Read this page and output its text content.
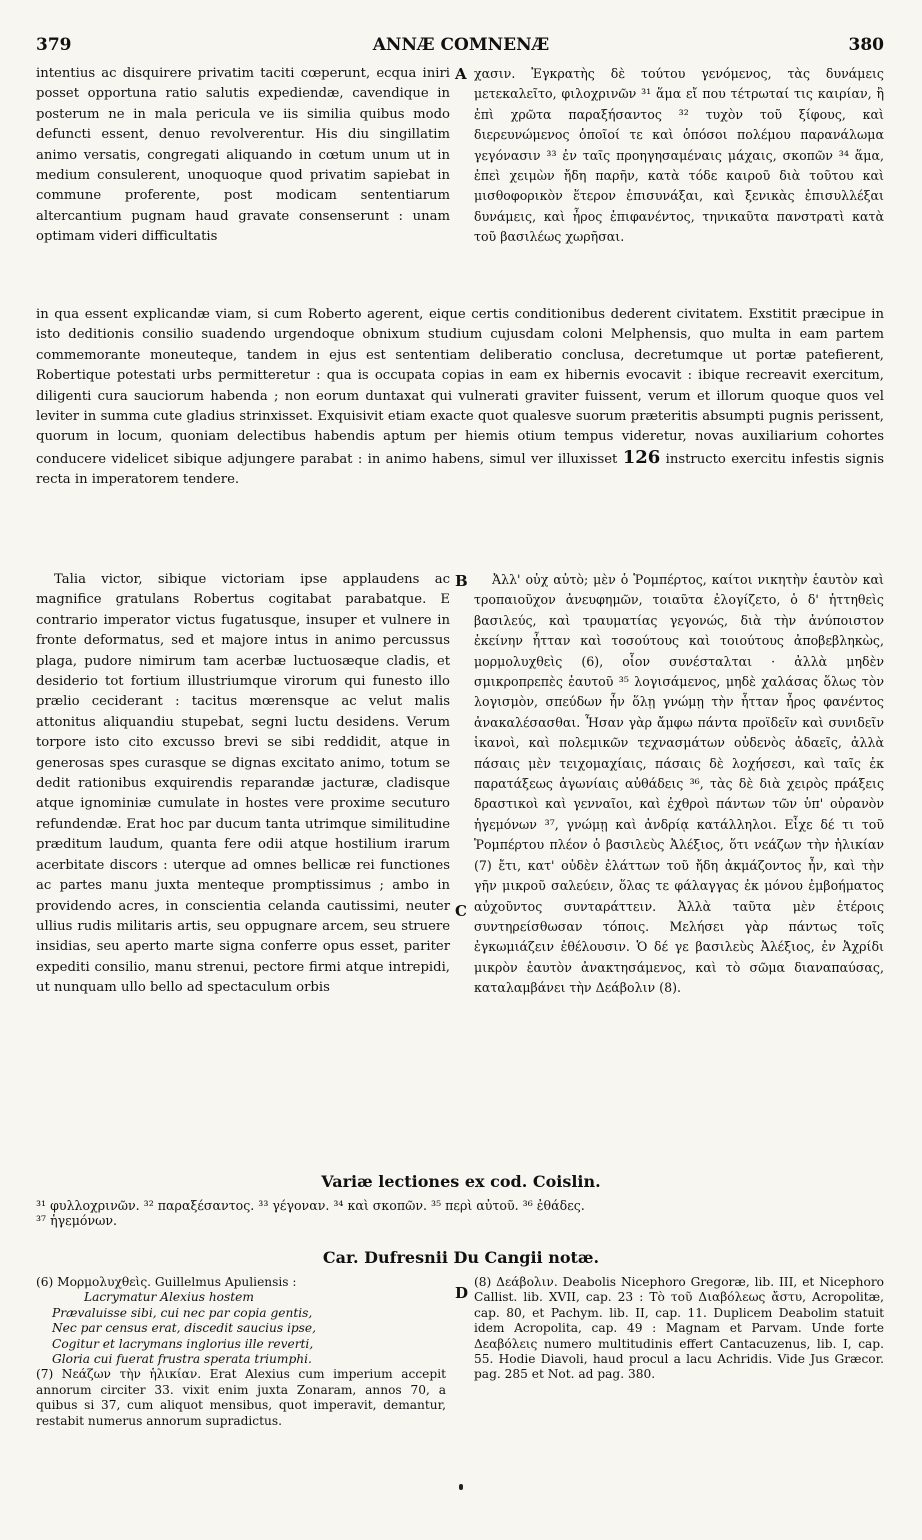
379	ANNÆ COMNENÆ	380

intentius ac disquirere privatim taciti cœperunt, ecqua iniri posset opportuna ratio salutis expediendæ, cavendique in posterum ne in mala pericula ve iis similia quibus modo defuncti essent, denuo revolverentur. His diu singillatim animo versatis, congregati aliquando in cœtum unum ut in medium consulerent, unoquoque quod privatim sapiebat in commune proferente, post modicam sententiarum altercantium pugnam haud gravate consenserunt : unam optimam videri difficultatis

A χασιν. Ἐγκρατὴς δὲ τούτου γενόμενος, τὰς δυνάμεις μετεκαλεῖτο, φιλοχρινῶν ³¹ ἅμα εἴ που τέτρωταί τις καιρίαν, ἢ ἐπὶ χρῶτα παραξήσαντος ³² τυχὸν τοῦ ξίφους, καὶ διερευνώμενος ὁποῖοί τε καὶ ὁπόσοι πολέμου παρανάλωμα γεγόνασιν ³³ ἐν ταῖς προηγησαμέναις μάχαις, σκοπῶν ³⁴ ἅμα, ἐπεὶ χειμὼν ἤδη παρῆν, κατὰ τόδε καιροῦ διὰ τοῦτου καὶ μισθοφορικὸν ἕτερον ἐπισυνάξαι, καὶ ξενικὰς ἐπισυλλέξαι δυνάμεις, καὶ ἦρος ἐπιφανέντος, τηνικαῦτα πανστρατὶ κατὰ τοῦ βασιλέως χωρῆσαι.

in qua essent explicandæ viam, si cum Roberto agerent, eique certis conditionibus dederent civitatem. Exstitit præcipue in isto deditionis consilio suadendo urgendoque obnixum studium cujusdam coloni Melphensis, quo multa in eam partem commemorante moneuteque, tandem in ejus est sententiam deliberatio conclusa, decretumque ut portæ patefierent, Robertique potestati urbs permitteretur : qua is occupata copias in eam ex hibernis evocavit : ibique recreavit exercitum, diligenti cura sauciorum habenda ; non eorum duntaxat qui vulnerati graviter fuissent, verum et illorum quoque quos vel leviter in summa cute gladius strinxisset. Exquisivit etiam exacte quot qualesve suorum præteritis absumpti pugnis perissent, quorum in locum, quoniam delectibus habendis aptum per hiemis otium tempus videretur, novas auxiliarium cohortes conducere videlicet sibique adjungere parabat : in animo habens, simul ver illuxisset 126 instructo exercitu infestis signis recta in imperatorem tendere.

Talia victor, sibique victoriam ipse applaudens ac magnifice gratulans Robertus cogitabat parabatque. E contrario imperator victus fugatusque, insuper et vulnere in fronte deformatus, sed et majore intus in animo percussus plaga, pudore nimirum tam acerbæ luctuosæque cladis, et desiderio tot fortium illustriumque virorum qui funesto illo prælio ceciderant : tacitus mœrensque ac velut malis attonitus aliquandiu stupebat, segni luctu desidens. Verum torpore isto cito excusso brevi se sibi reddidit, atque in generosas spes curasque se dignas excitato animo, totum se dedit rationibus exquirendis reparandæ jacturæ, cladisque atque ignominiæ cumulate in hostes vere proxime secuturo refundendæ. Erat hoc par ducum tanta utrimque similitudine præditum laudum, quanta fere odii atque hostilium irarum acerbitate discors : uterque ad omnes bellicæ rei functiones ac partes manu juxta menteque promptissimus ; ambo in providendo acres, in conscientia celanda cautissimi, neuter ullius rudis militaris artis, seu oppugnare arcem, seu struere insidias, seu aperto marte signa conferre opus esset, pariter expediti consilio, manu strenui, pectore firmi atque intrepidi, ut nunquam ullo bello ad spectaculum orbis

B
C

Ἀλλ' οὐχ αὐτὸ; μὲν ὁ Ῥομπέρτος, καίτοι νικητὴν ἑαυτὸν καὶ τροπαιοῦχον ἀνευφημῶν, τοιαῦτα ἐλογίζετο, ὁ δ' ἡττηθεὶς βασιλεύς, καὶ τραυματίας γεγονώς, διὰ τὴν ἀνύποιστον ἐκείνην ἧτταν καὶ τοσούτους καὶ τοιούτους ἀποβεβληκὼς, μορμολυχθεὶς (6), οἷον συνέσταλται · ἀλλὰ μηδὲν σμικροπρεπὲς ἑαυτοῦ ³⁵ λογισάμενος, μηδὲ χαλάσας ὅλως τὸν λογισμὸν, σπεύδων ἦν ὅλῃ γνώμῃ τὴν ἧτταν ἦρος φανέντος ἀνακαλέσασθαι. Ἦσαν γὰρ ἄμφω πάντα προϊδεῖν καὶ συνιδεῖν ἱκανοὶ, καὶ πολεμικῶν τεχνασμάτων οὐδενὸς ἀδαεῖς, ἀλλὰ πάσαις μὲν τειχομαχίαις, πάσαις δὲ λοχήσεσι, καὶ ταῖς ἐκ παρατάξεως ἀγωνίαις αὐθάδεις ³⁶, τὰς δὲ διὰ χειρὸς πράξεις δραστικοὶ καὶ γενναῖοι, καὶ ἐχθροὶ πάντων τῶν ὑπ' οὐρανὸν ἡγεμόνων ³⁷, γνώμῃ καὶ ἀνδρίᾳ κατάλληλοι. Εἶχε δέ τι τοῦ Ῥομπέρτου πλέον ὁ βασιλεὺς Ἀλέξιος, ὅτι νεάζων τὴν ἡλικίαν (7) ἔτι, κατ' οὐδὲν ἐλάττων τοῦ ἤδη ἀκμάζοντος ἦν, καὶ τὴν γῆν μικροῦ σαλεύειν, ὅλας τε φάλαγγας ἐκ μόνου ἐμβοήματος αὐχοῦντος συνταράττειν. Ἀλλὰ ταῦτα μὲν ἑτέροις συντηρείσθωσαν τόποις. Μελήσει γὰρ πάντως τοῖς ἐγκωμιάζειν ἐθέλουσιν. Ὁ δέ γε βασιλεὺς Ἀλέξιος, ἐν Ἀχρίδι μικρὸν ἑαυτὸν ἀνακτησάμενος, καὶ τὸ σῶμα διαναπαύσας, καταλαμβάνει τὴν Δεάβολιν (8).

Variæ lectiones ex cod. Coislin.

³¹ φυλλοχρινῶν. ³² παραξέσαντος. ³³ γέγοναν. ³⁴ καὶ σκοπῶν. ³⁵ περὶ αὐτοῦ. ³⁶ ἐθάδες.

³⁷ ἡγεμόνων.

Car. Dufresnii Du Cangii notæ.

(6) Μορμολυχθεὶς. Guillelmus Apuliensis :

Lacrymatur Alexius hostem

Prævaluisse sibi, cui nec par copia gentis,

Nec par census erat, discedit saucius ipse,

Cogitur et lacrymans inglorius ille reverti,

Gloria cui fuerat frustra sperata triumphi.

(7) Νεάζων τὴν ἡλικίαν. Erat Alexius cum imperium accepit annorum circiter 33. vixit enim juxta Zonaram, annos 70, a quibus si 37, cum aliquot mensibus, quot imperavit, demantur, restabit numerus annorum supradictus.

D

(8) Δεάβολιν. Deabolis Nicephoro Gregoræ, lib. III, et Nicephoro Callist. lib. XVII, cap. 23 : Τὸ τοῦ Διαβόλεως ἄστυ, Acropolitæ, cap. 80, et Pachym. lib. II, cap. 11. Duplicem Deabolim statuit idem Acropolita, cap. 49 : Magnam et Parvam. Unde forte Δεαβόλεις numero multitudinis effert Cantacuzenus, lib. I, cap. 55. Hodie Diavoli, haud procul a lacu Achridis. Vide Jus Græcor. pag. 285 et Not. ad pag. 380.
